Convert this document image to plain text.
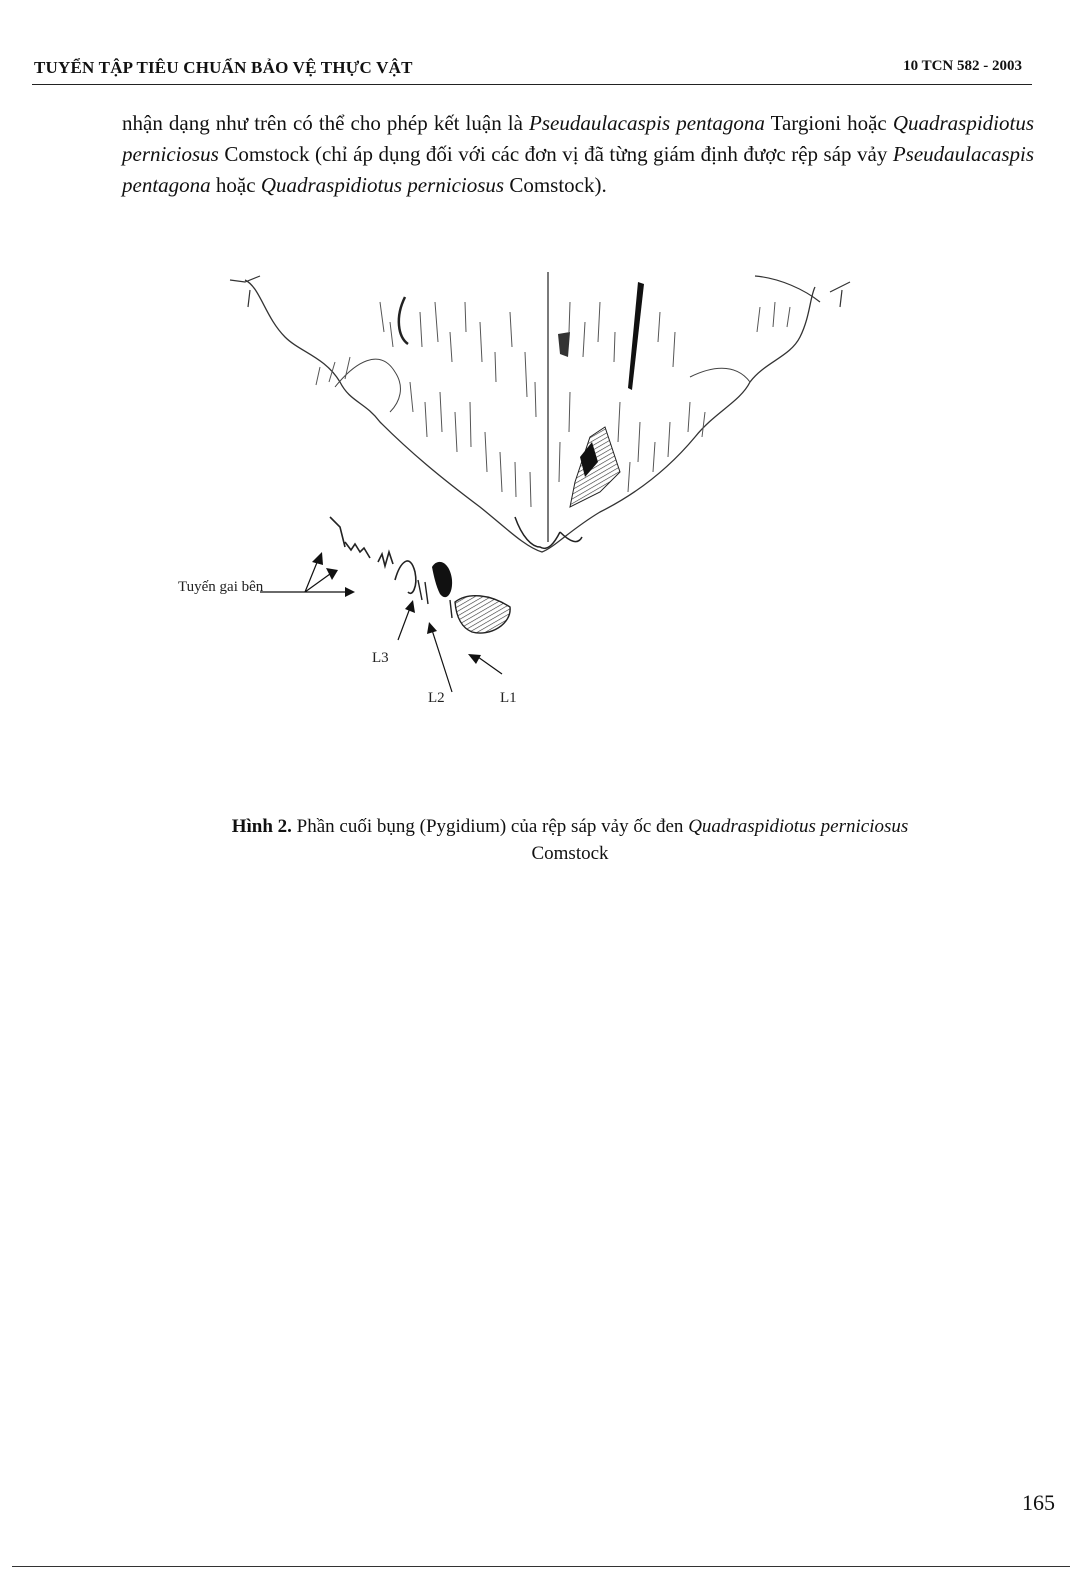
TUYỂN TẬP TIÊU CHUẨN BẢO VỆ THỰC VẬT	10 TCN 582 - 2003

nhận dạng như trên có thể cho phép kết luận là Pseudaulacaspis pentagona Targioni hoặc Quadraspidiotus perniciosus Comstock (chỉ áp dụng đối với các đơn vị đã từng giám định được rệp sáp vảy Pseudaulacaspis pentagona hoặc Quadraspidiotus perniciosus Comstock).

Tuyến gai bên
L3
L2	L1
Hình 2. Phần cuối bụng (Pygidium) của rệp sáp vảy ốc đen Quadraspidiotus perniciosus
Comstock
165
